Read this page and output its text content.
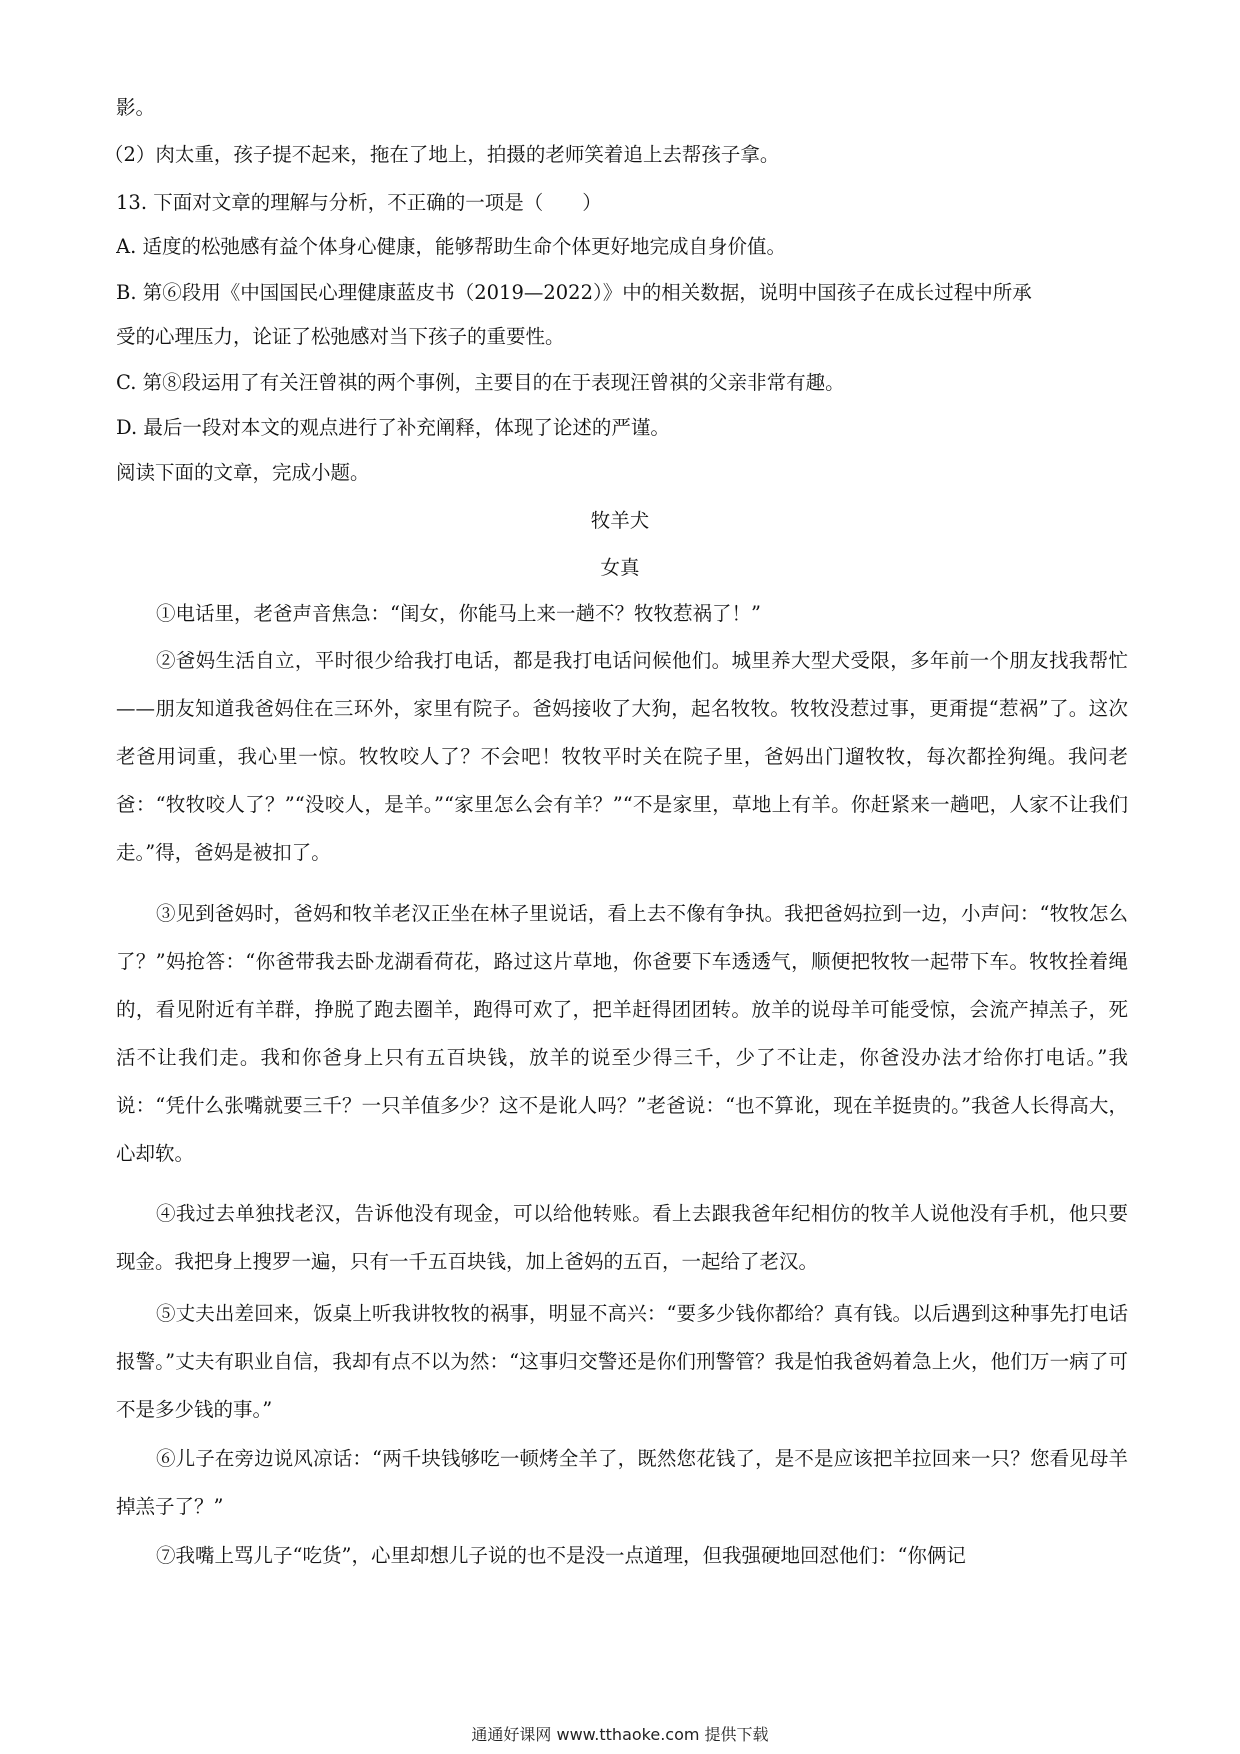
影。
（2）肉太重，孩子提不起来，拖在了地上，拍摄的老师笑着追上去帮孩子拿。
13. 下面对文章的理解与分析，不正确的一项是（　　）
A. 适度的松弛感有益个体身心健康，能够帮助生命个体更好地完成自身价值。
B. 第⑥段用《中国国民心理健康蓝皮书（2019—2022）》中的相关数据，说明中国孩子在成长过程中所承
受的心理压力，论证了松弛感对当下孩子的重要性。
C. 第⑧段运用了有关汪曾祺的两个事例，主要目的在于表现汪曾祺的父亲非常有趣。
D. 最后一段对本文的观点进行了补充阐释，体现了论述的严谨。
阅读下面的文章，完成小题。
牧羊犬
女真

①电话里，老爸声音焦急：“闺女，你能马上来一趟不？牧牧惹祸了！”

②爸妈生活自立，平时很少给我打电话，都是我打电话问候他们。城里养大型犬受限，多年前一个朋友找我帮忙——朋友知道我爸妈住在三环外，家里有院子。爸妈接收了大狗，起名牧牧。牧牧没惹过事，更甭提“惹祸”了。这次老爸用词重，我心里一惊。牧牧咬人了？不会吧！牧牧平时关在院子里，爸妈出门遛牧牧，每次都拴狗绳。我问老爸：“牧牧咬人了？”“没咬人，是羊。”“家里怎么会有羊？”“不是家里，草地上有羊。你赶紧来一趟吧，人家不让我们走。”得，爸妈是被扣了。

③见到爸妈时，爸妈和牧羊老汉正坐在林子里说话，看上去不像有争执。我把爸妈拉到一边，小声问：“牧牧怎么了？”妈抢答：“你爸带我去卧龙湖看荷花，路过这片草地，你爸要下车透透气，顺便把牧牧一起带下车。牧牧拴着绳的，看见附近有羊群，挣脱了跑去圈羊，跑得可欢了，把羊赶得团团转。放羊的说母羊可能受惊，会流产掉羔子，死活不让我们走。我和你爸身上只有五百块钱，放羊的说至少得三千，少了不让走，你爸没办法才给你打电话。”我说：“凭什么张嘴就要三千？一只羊值多少？这不是讹人吗？”老爸说：“也不算讹，现在羊挺贵的。”我爸人长得高大，心却软。

④我过去单独找老汉，告诉他没有现金，可以给他转账。看上去跟我爸年纪相仿的牧羊人说他没有手机，他只要现金。我把身上搜罗一遍，只有一千五百块钱，加上爸妈的五百，一起给了老汉。

⑤丈夫出差回来，饭桌上听我讲牧牧的祸事，明显不高兴：“要多少钱你都给？真有钱。以后遇到这种事先打电话报警。”丈夫有职业自信，我却有点不以为然：“这事归交警还是你们刑警管？我是怕我爸妈着急上火，他们万一病了可不是多少钱的事。”

⑥儿子在旁边说风凉话：“两千块钱够吃一顿烤全羊了，既然您花钱了，是不是应该把羊拉回来一只？您看见母羊掉羔子了？”

⑦我嘴上骂儿子“吃货”，心里却想儿子说的也不是没一点道理，但我强硬地回怼他们：“你俩记

通通好课网 www.tthaoke.com 提供下载
